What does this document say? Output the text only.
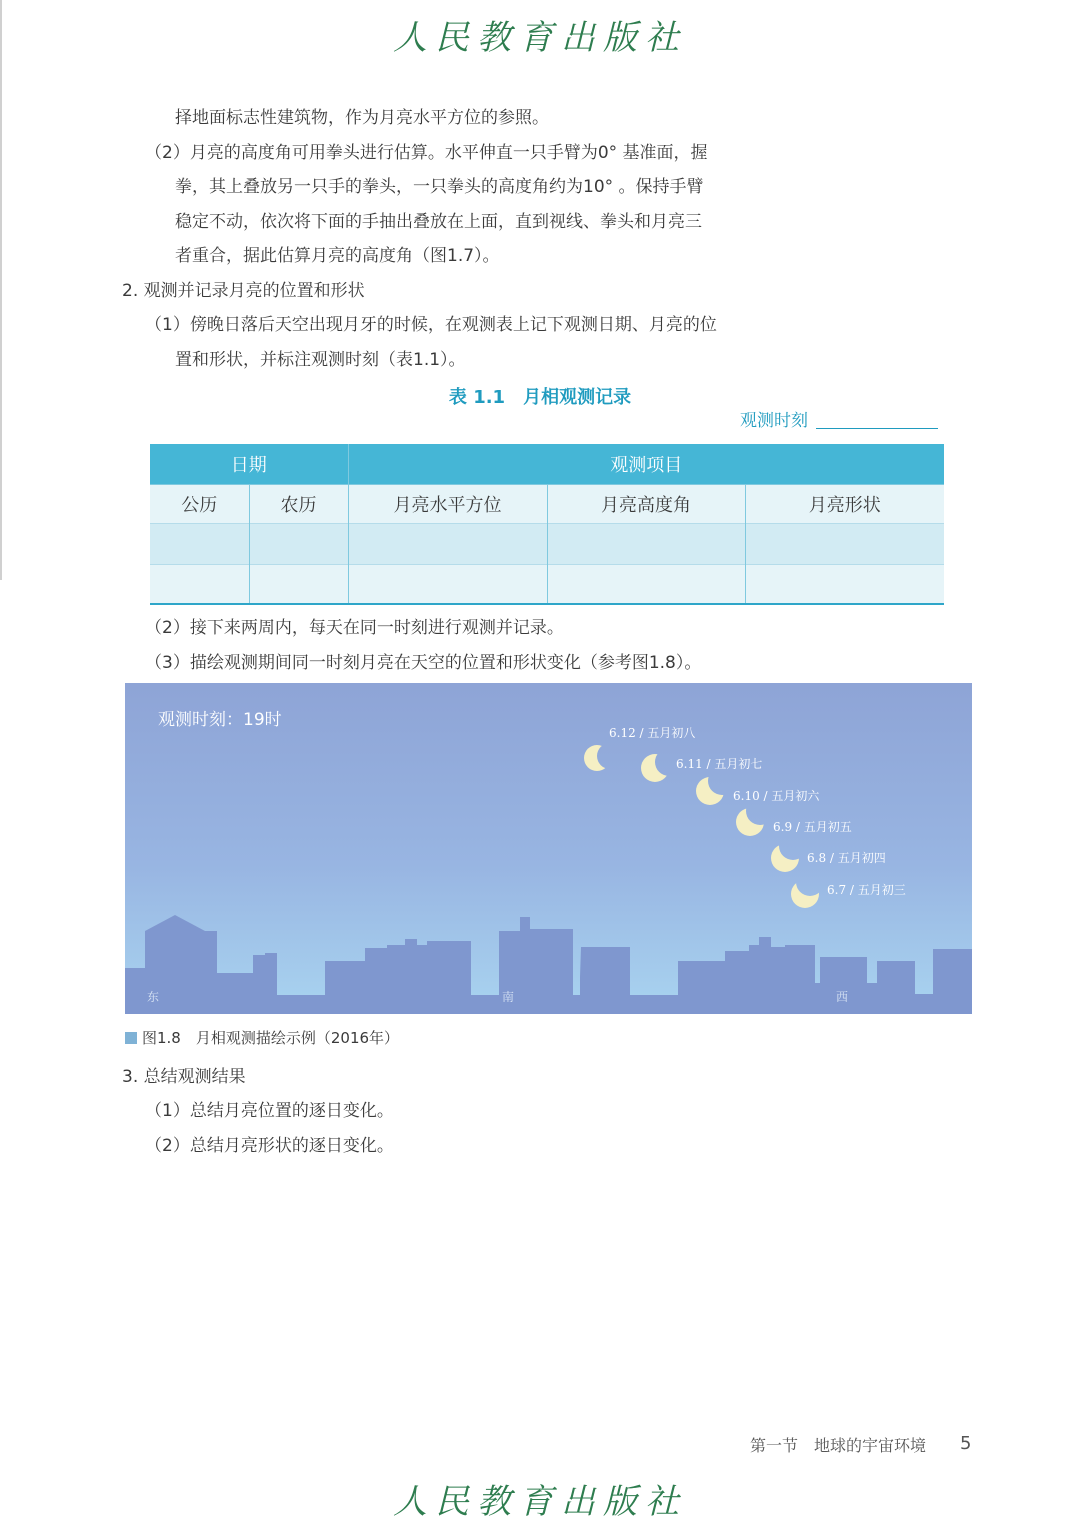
人民教育出版社
择地面标志性建筑物，作为月亮水平方位的参照。
（2）月亮的高度角可用拳头进行估算。水平伸直一只手臂为0° 基准面，握
拳，其上叠放另一只手的拳头，一只拳头的高度角约为10° 。保持手臂
稳定不动，依次将下面的手抽出叠放在上面，直到视线、拳头和月亮三
者重合，据此估算月亮的高度角（图1.7）。
2. 观测并记录月亮的位置和形状
（1）傍晚日落后天空出现月牙的时候，在观测表上记下观测日期、月亮的位
置和形状，并标注观测时刻（表1.1）。
表 1.1　月相观测记录
观测时刻
日期		观测项目		
公历	农历	月亮水平方位	月亮高度角	月亮形状

（2）接下来两周内，每天在同一时刻进行观测并记录。
（3）描绘观测期间同一时刻月亮在天空的位置和形状变化（参考图1.8）。
观测时刻：19时
6.12 / 五月初八
6.11 / 五月初七
6.10 / 五月初六
6.9 / 五月初五
6.8 / 五月初四
6.7 / 五月初三
东	南	西
图1.8　月相观测描绘示例（2016年）
3. 总结观测结果
（1）总结月亮位置的逐日变化。
（2）总结月亮形状的逐日变化。
第一节　地球的宇宙环境 5
人民教育出版社
